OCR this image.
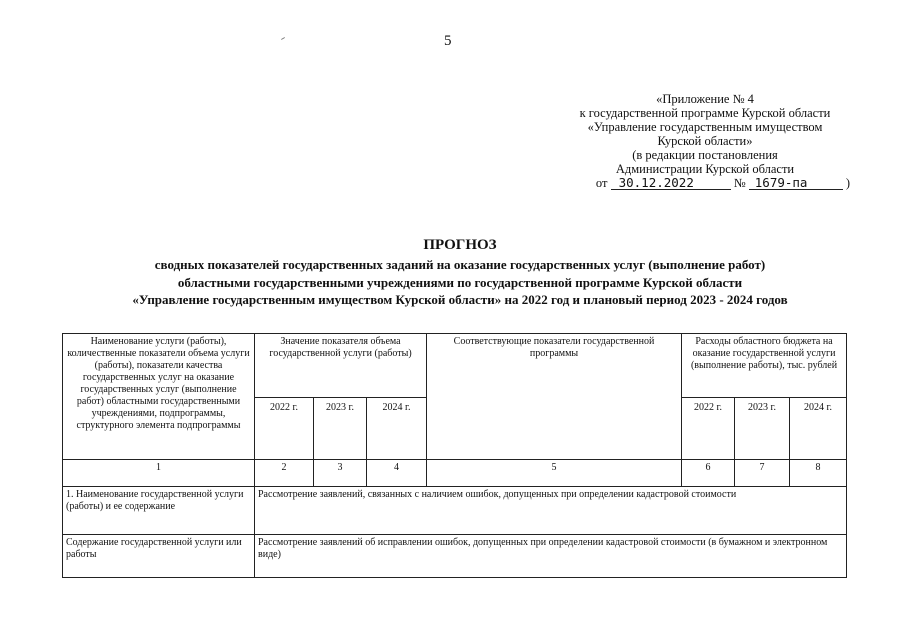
5
«Приложение № 4
к государственной программе Курской области
«Управление государственным имуществом
Курской области»
(в редакции постановления
Администрации Курской области
от 30.12.2022	№ 1679-па	)
ПРОГНОЗ
сводных показателей государственных заданий на оказание государственных услуг (выполнение работ)
областными государственными учреждениями по государственной программе Курской области
«Управление государственным имуществом Курской области» на 2022 год и плановый период 2023 - 2024 годов
Наименование услуги (работы), количественные показатели объема услуги (работы), показатели качества государственных услуг на оказание государственных услуг (выполнение работ) областными государственными учреждениями, подпрограммы, структурного элемента подпрограммы	Значение показателя объема государственной услуги (работы)			Соответствующие показатели государственной программы	Расходы областного бюджета на оказание государственной услуги (выполнение работы), тыс. рублей		
	2022 г.	2023 г.	2024 г.		2022 г.	2023 г.	2024 г.
1	2	3	4	5	6	7	8
1. Наименование государственной услуги (работы) и ее содержание	Рассмотрение заявлений, связанных с наличием ошибок, допущенных при определении кадастровой стоимости						
Содержание государственной услуги или работы	Рассмотрение заявлений об исправлении ошибок, допущенных при определении кадастровой стоимости (в бумажном и электронном виде)						
